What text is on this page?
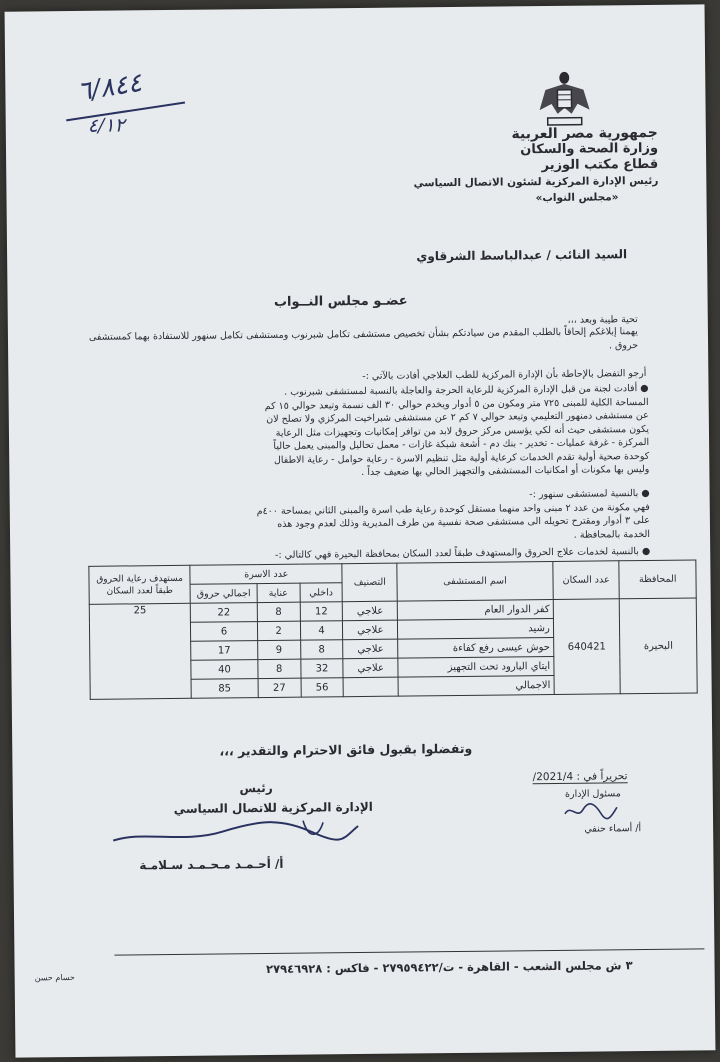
٦/٨٤٤
٤/١٢	جمهورية مصر العربية
وزارة الصحة والسكان
قطاع مكتب الوزير
رئيس الإدارة المركزية لشئون الاتصال السياسي
«مجلس النواب»
السيد النائب / عبدالباسط الشرقاوي
عضـو مجلس النــواب
تحية طيبة وبعد ،،،
يهمنا إبلاغكم إلحاقاً بالطلب المقدم من سيادتكم بشأن تخصيص مستشفى تكامل شبرنوب ومستشفى تكامل سنهور للاستفادة بهما كمستشفى حروق .
أرجو التفضل بالإحاطة بأن الإدارة المركزية للطب العلاجي أفادت بالآتي :-
● أفادت لجنة من قبل الإدارة المركزية للرعاية الحرجة والعاجلة بالنسبة لمستشفى شبرنوب .
المساحة الكلية للمبنى ٧٢٥ متر ومكون من ٥ أدوار ويخدم حوالي ٣٠ الف نسمة وتبعد حوالي ١٥ كم
عن مستشفى دمنهور التعليمي وتبعد حوالي ٧ كم ٢ عن مستشفى شبراخيت المركزي ولا تصلح لان
يكون مستشفى حيث أنه لكي يؤسس مركز حروق لابد من توافر إمكانيات وتجهيزات مثل الرعاية
المركزة - غرفة عمليات - تخدير - بنك دم - أشعة شبكة غازات - معمل تحاليل والمبنى يعمل حالياً
كوحدة صحية أولية تقدم الخدمات كرعاية أولية مثل تنظيم الاسرة - رعاية حوامل - رعاية الاطفال
وليس بها مكونات أو امكانيات المستشفى والتجهيز الحالي بها ضعيف جداً .
● بالنسبة لمستشفى سنهور :-
فهي مكونة من عدد ٢ مبنى واحد منهما مستقل كوحدة رعاية طب اسرة والمبنى الثاني بمساحة ٤٠٠م
على ٣ أدوار ومقترح تحويله الى مستشفى صحة نفسية من طرف المديرية وذلك لعدم وجود هذه
الخدمة بالمحافظة .
● بالنسبة لخدمات علاج الحروق والمستهدف طبقاً لعدد السكان بمحافظة البحيرة فهي كالتالي :-
المحافظة	عدد السكان	اسم المستشفى	التصنيف	عدد الاسرة			مستهدف رعاية الحروق طبقاً لعدد السكان
				داخلي	عناية	اجمالي حروق	
البحيرة	640421	كفر الدوار العام	علاجي	12	8	22	25
		رشيد	علاجي	4	2	6	
		حوش عيسى رفع كفاءة	علاجي	8	9	17	
		ايتاي البارود تحت التجهيز	علاجي	32	8	40	
		الاجمالي		56	27	85	
وتفضلوا بقبول فائق الاحترام والتقدير ،،،
تحريراً في : 2021/4/
مسئول الإدارة
أ/ أسماء حنفي
رئيس
الإدارة المركزية للاتصال السياسي
أ/ أحـمـد مـحـمـد سـلامـة
٣ ش مجلس الشعب - القاهرة - ت/٢٧٩٥٩٤٢٢ - فاكس : ٢٧٩٤٦٩٢٨
حسام حسن
